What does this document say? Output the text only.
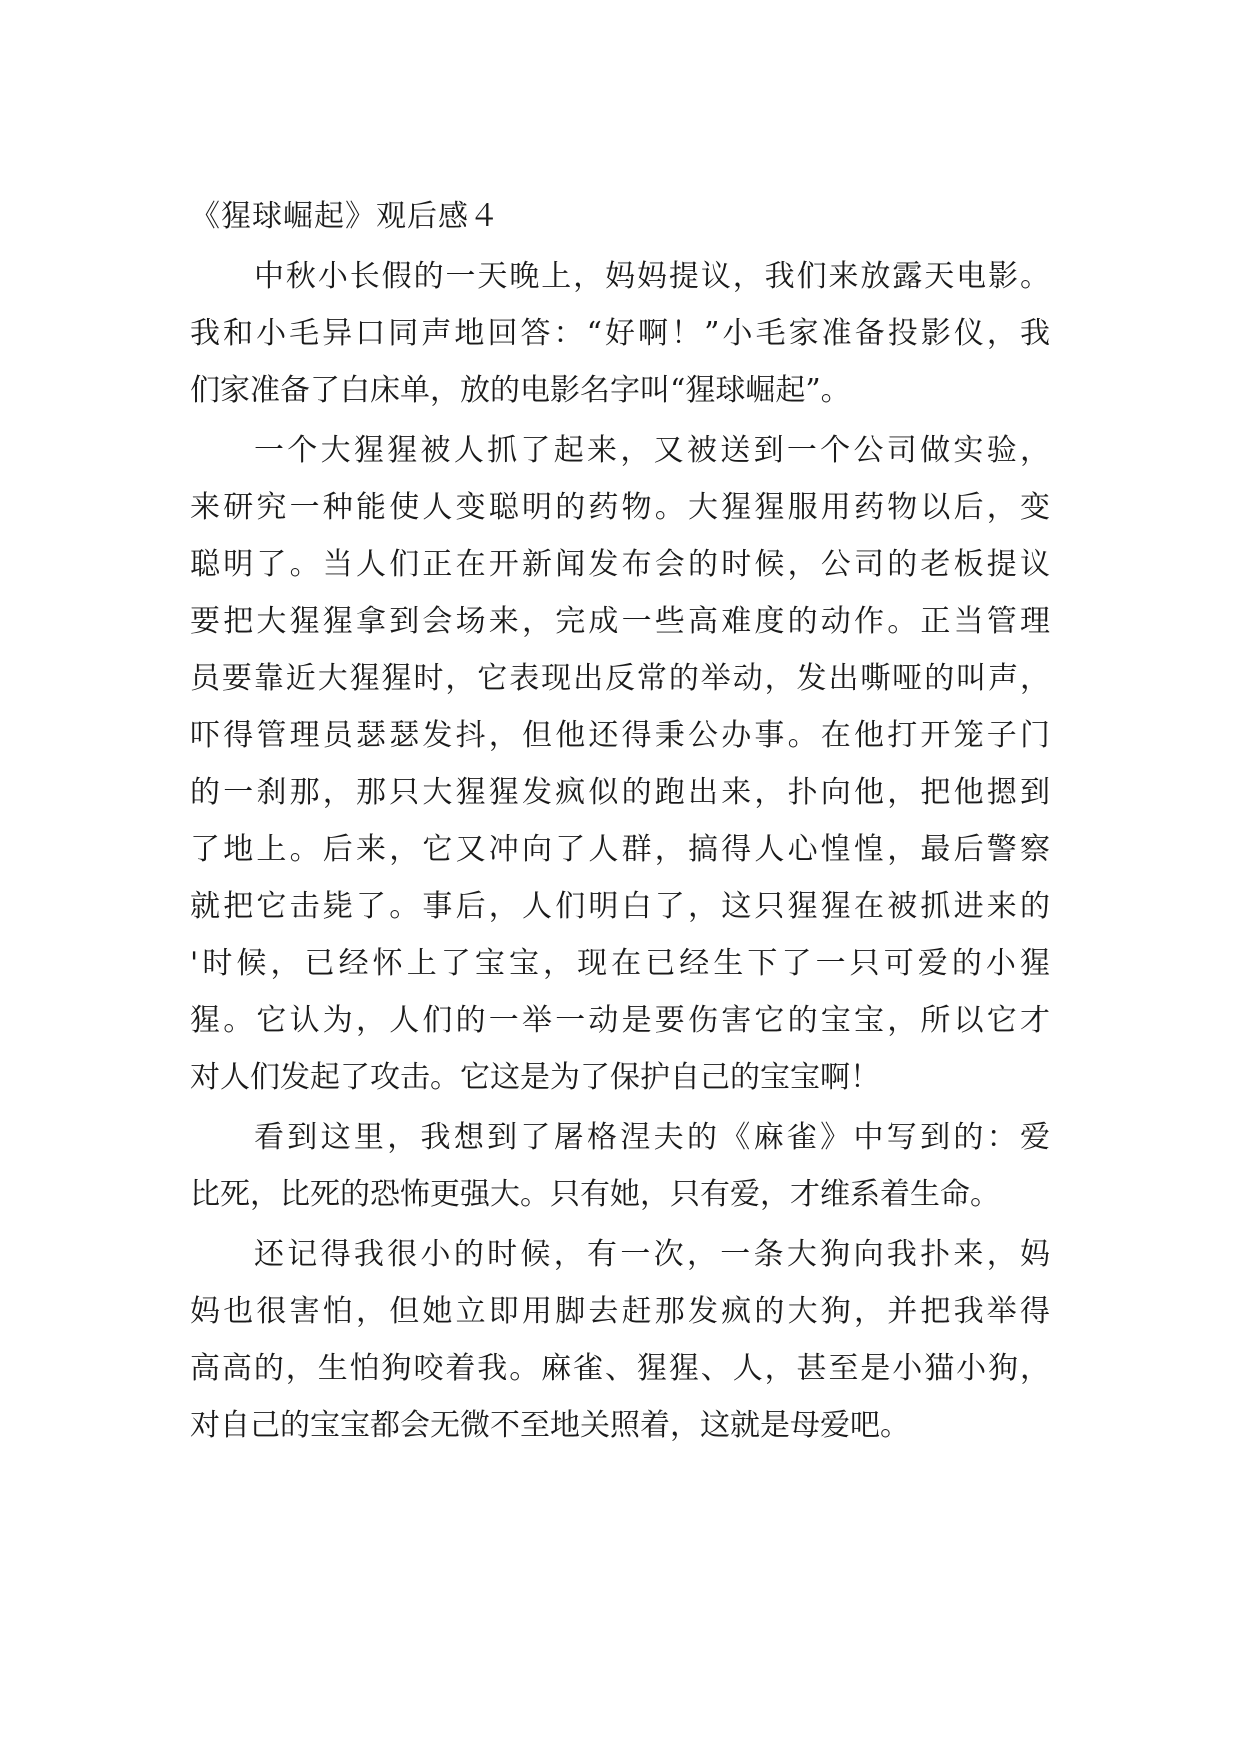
《猩球崛起》观后感４

中秋小长假的一天晚上，妈妈提议，我们来放露天电影。

我和小毛异口同声地回答：“好啊！”小毛家准备投影仪，我

们家准备了白床单，放的电影名字叫“猩球崛起”。

一个大猩猩被人抓了起来，又被送到一个公司做实验，

来研究一种能使人变聪明的药物。大猩猩服用药物以后，变

聪明了。当人们正在开新闻发布会的时候，公司的老板提议

要把大猩猩拿到会场来，完成一些高难度的动作。正当管理

员要靠近大猩猩时，它表现出反常的举动，发出嘶哑的叫声，

吓得管理员瑟瑟发抖，但他还得秉公办事。在他打开笼子门

的一刹那，那只大猩猩发疯似的跑出来，扑向他，把他摁到

了地上。后来，它又冲向了人群，搞得人心惶惶，最后警察

就把它击毙了。事后，人们明白了，这只猩猩在被抓进来的

'时候，已经怀上了宝宝，现在已经生下了一只可爱的小猩

猩。它认为，人们的一举一动是要伤害它的宝宝，所以它才

对人们发起了攻击。它这是为了保护自己的宝宝啊！

看到这里，我想到了屠格涅夫的《麻雀》中写到的：爱

比死，比死的恐怖更强大。只有她，只有爱，才维系着生命。

还记得我很小的时候，有一次，一条大狗向我扑来，妈

妈也很害怕，但她立即用脚去赶那发疯的大狗，并把我举得

高高的，生怕狗咬着我。麻雀、猩猩、人，甚至是小猫小狗，

对自己的宝宝都会无微不至地关照着，这就是母爱吧。
